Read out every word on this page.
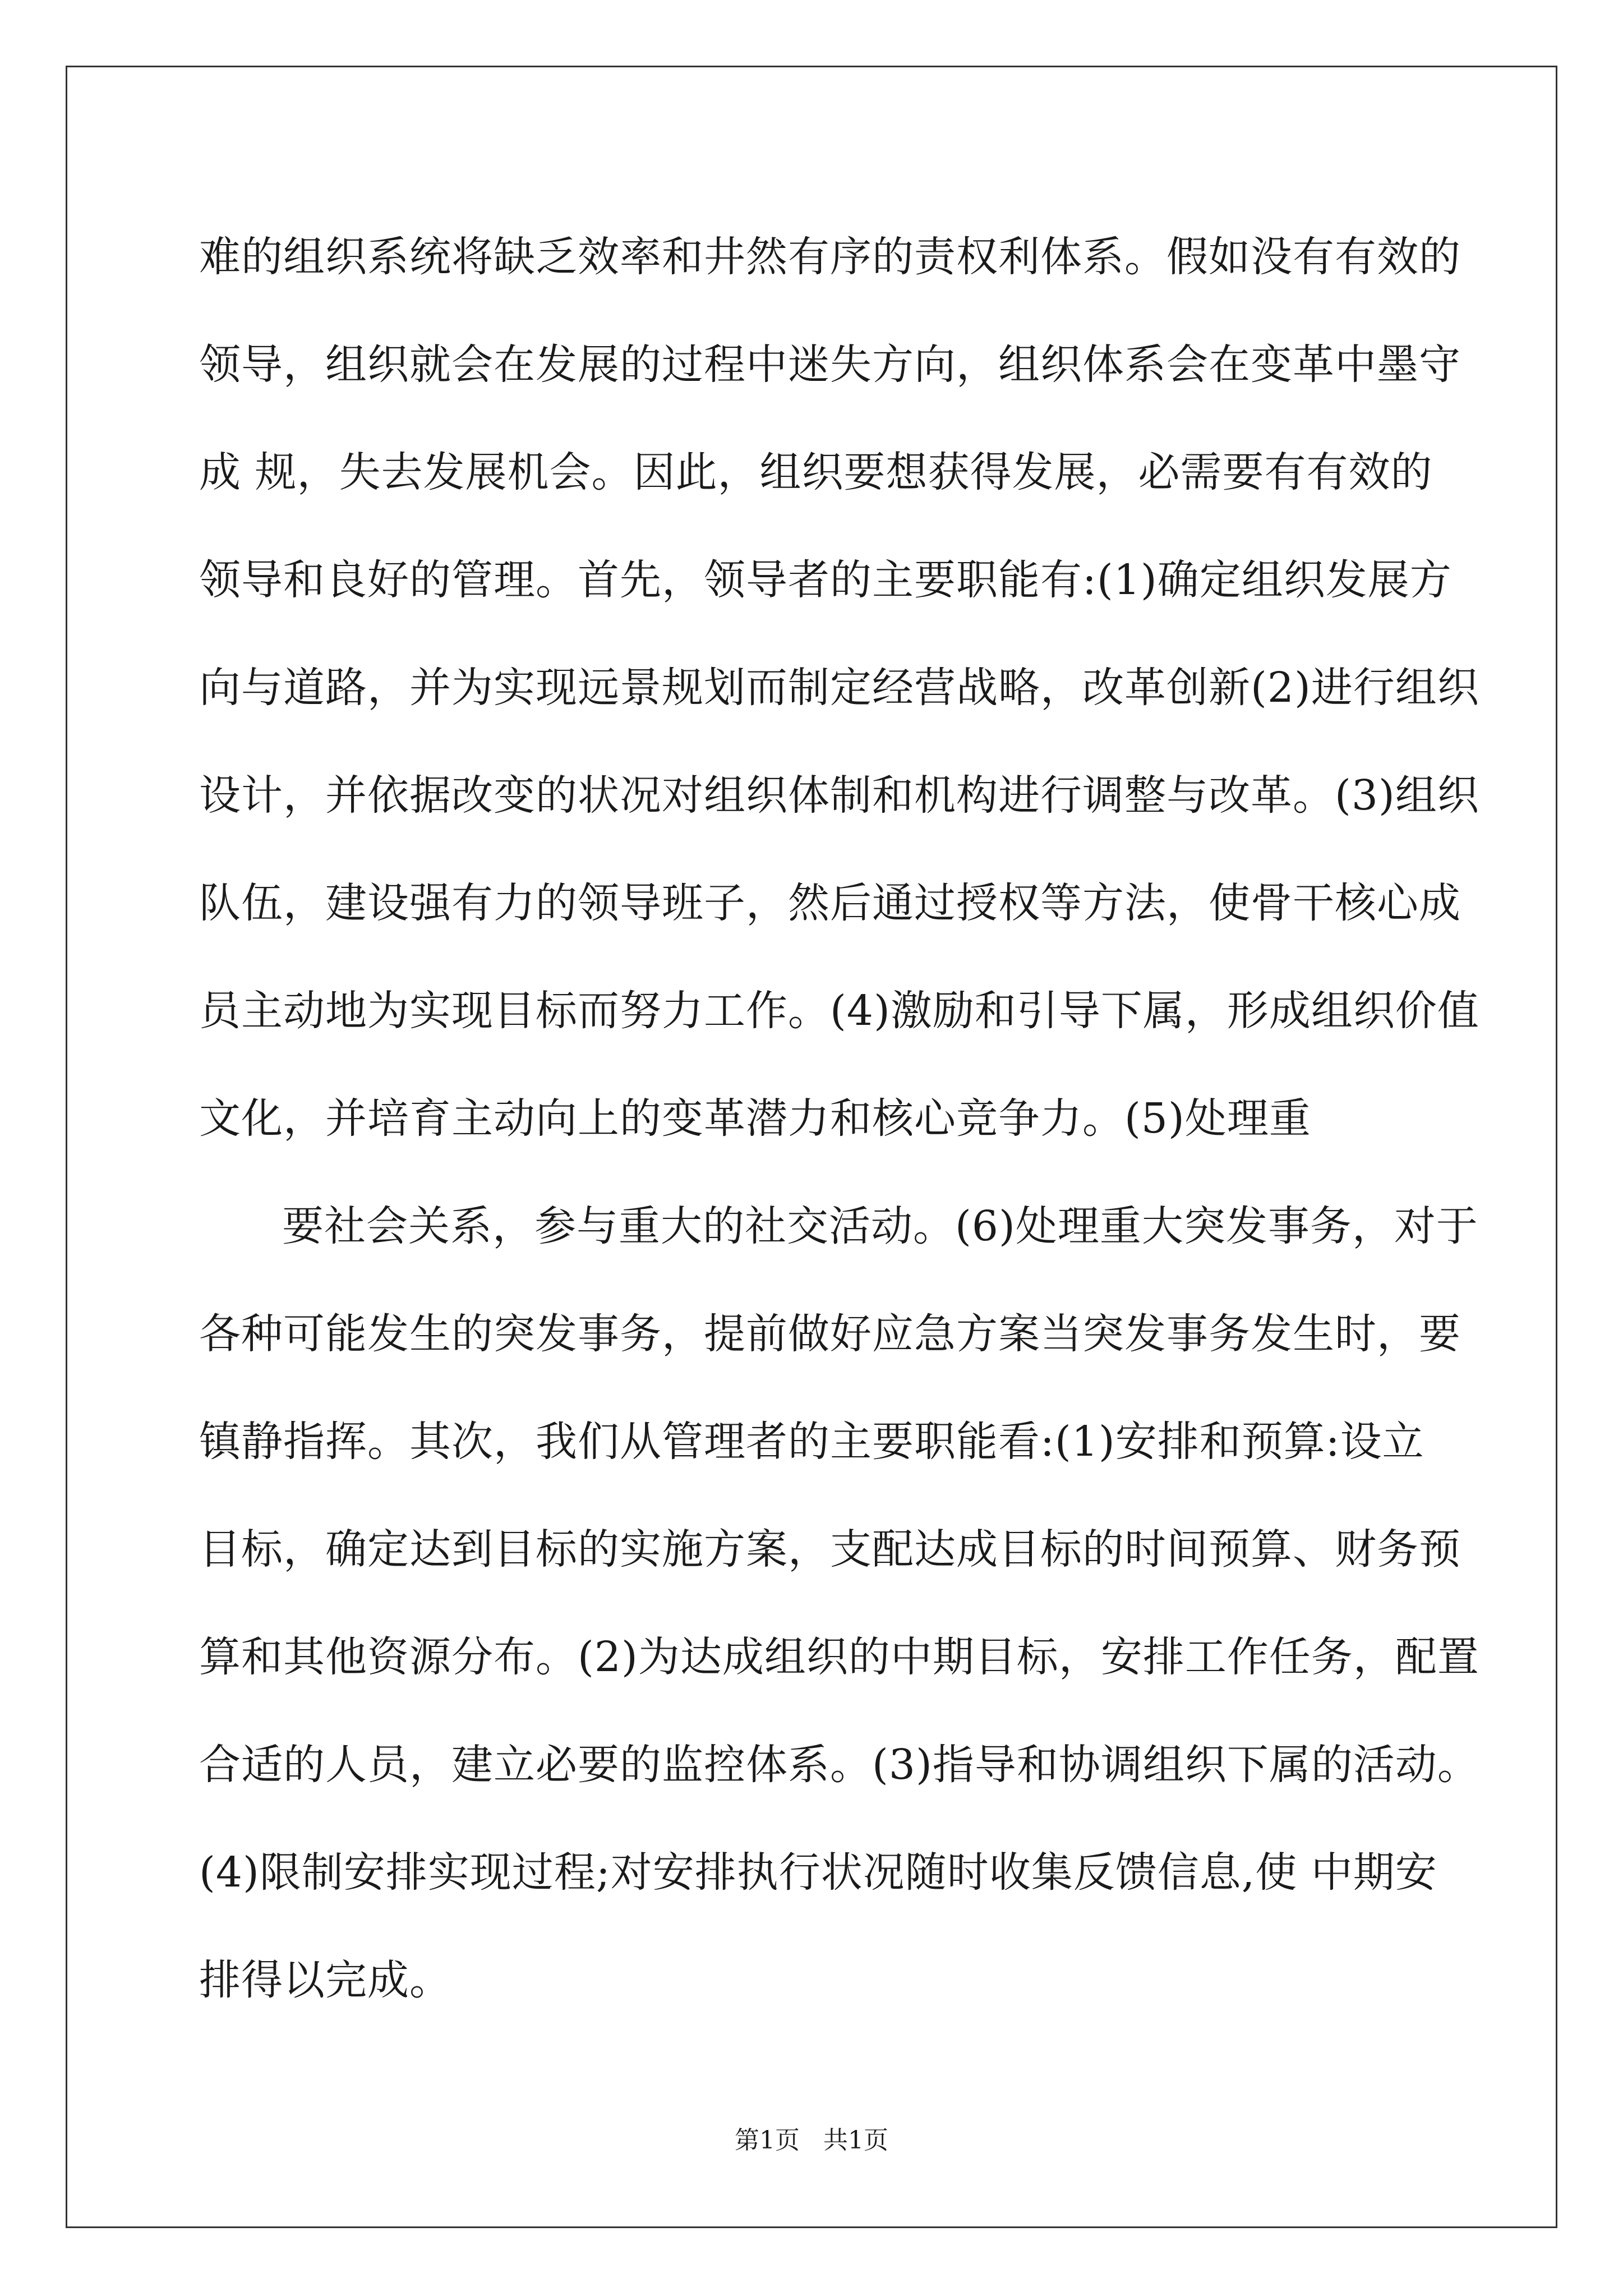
难的组织系统将缺乏效率和井然有序的责权利体系。假如没有有效的
领导，组织就会在发展的过程中迷失方向，组织体系会在变革中墨守
成 规，失去发展机会。因此，组织要想获得发展，必需要有有效的
领导和良好的管理。首先，领导者的主要职能有:(1)确定组织发展方
向与道路，并为实现远景规划而制定经营战略，改革创新(2)进行组织
设计，并依据改变的状况对组织体制和机构进行调整与改革。(3)组织
队伍，建设强有力的领导班子，然后通过授权等方法，使骨干核心成
员主动地为实现目标而努力工作。(4)激励和引导下属，形成组织价值
文化，并培育主动向上的变革潜力和核心竞争力。(5)处理重
要社会关系，参与重大的社交活动。(6)处理重大突发事务，对于
各种可能发生的突发事务，提前做好应急方案当突发事务发生时，要
镇静指挥。其次，我们从管理者的主要职能看:(1)安排和预算:设立
目标，确定达到目标的实施方案，支配达成目标的时间预算、财务预
算和其他资源分布。(2)为达成组织的中期目标，安排工作任务，配置
合适的人员，建立必要的监控体系。(3)指导和协调组织下属的活动。
(4)限制安排实现过程;对安排执行状况随时收集反馈信息,使 中期安
排得以完成。
第1页   共1页
